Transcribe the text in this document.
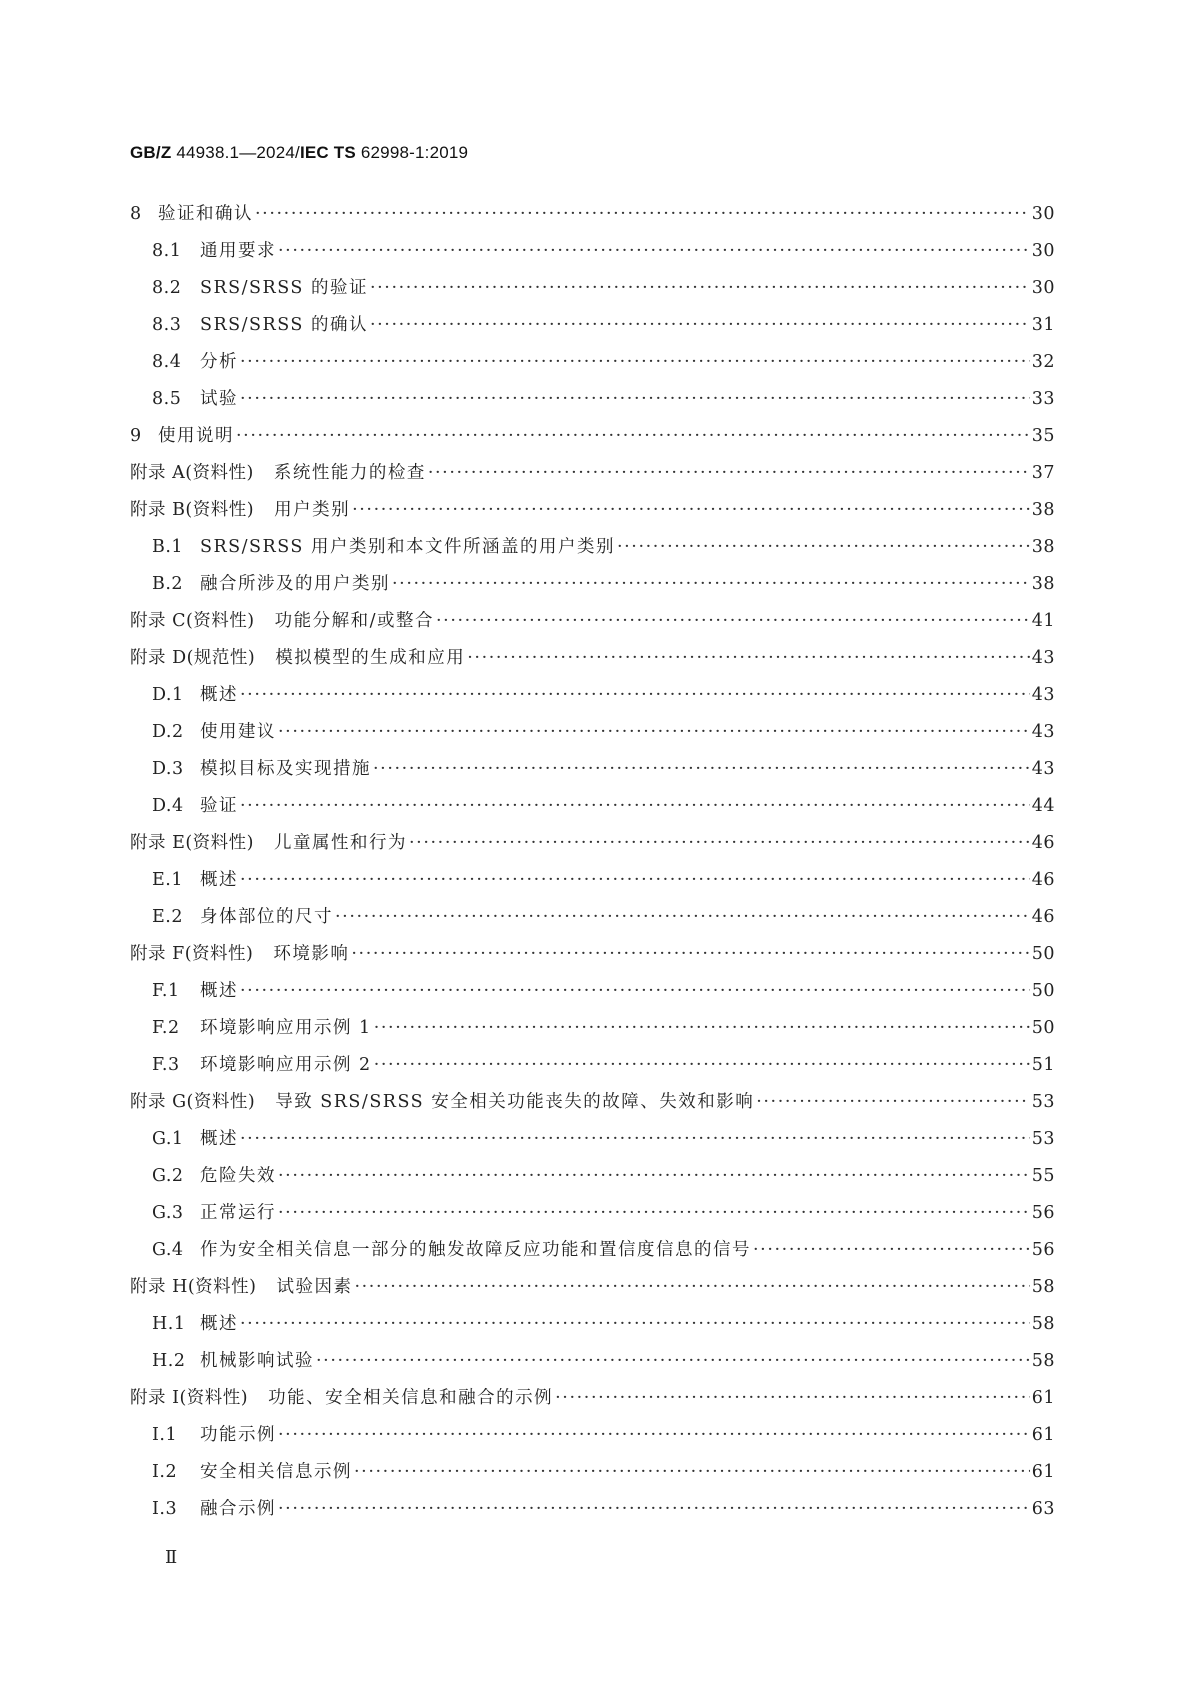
GB/Z 44938.1—2024/IEC TS 62998-1:2019
8 验证和确认 ·····	30
8.1 通用要求 ·····	30
8.2 SRS/SRSS 的验证 ·····	30
8.3 SRS/SRSS 的确认 ·····	31
8.4 分析 ·····	32
8.5 试验 ·····	33
9 使用说明 ·····	35
附录 A(资料性) 系统性能力的检查 ·····	37
附录 B(资料性) 用户类别 ·····	38
B.1 SRS/SRSS 用户类别和本文件所涵盖的用户类别 ·····	38
B.2 融合所涉及的用户类别 ·····	38
附录 C(资料性) 功能分解和/或整合 ·····	41
附录 D(规范性) 模拟模型的生成和应用 ·····	43
D.1 概述 ·····	43
D.2 使用建议 ·····	43
D.3 模拟目标及实现措施 ·····	43
D.4 验证 ·····	44
附录 E(资料性) 儿童属性和行为 ·····	46
E.1 概述 ·····	46
E.2 身体部位的尺寸 ·····	46
附录 F(资料性) 环境影响 ·····	50
F.1	概述 ·····	50
F.2	环境影响应用示例 1 ·····	50
F.3	环境影响应用示例 2 ·····	51
附录 G(资料性) 导致 SRS/SRSS 安全相关功能丧失的故障、失效和影响 ·····	53
G.1 概述 ·····	53
G.2 危险失效 ·····	55
G.3 正常运行 ·····	56
G.4 作为安全相关信息一部分的触发故障反应功能和置信度信息的信号 ·····	56
附录 H(资料性) 试验因素 ·····	58
H.1 概述 ·····	58
H.2 机械影响试验 ·····	58
附录 I(资料性) 功能、安全相关信息和融合的示例 ·····	61
I.1	功能示例 ·····	61
I.2	安全相关信息示例 ·····	61
I.3	融合示例 ·····	63
Ⅱ
